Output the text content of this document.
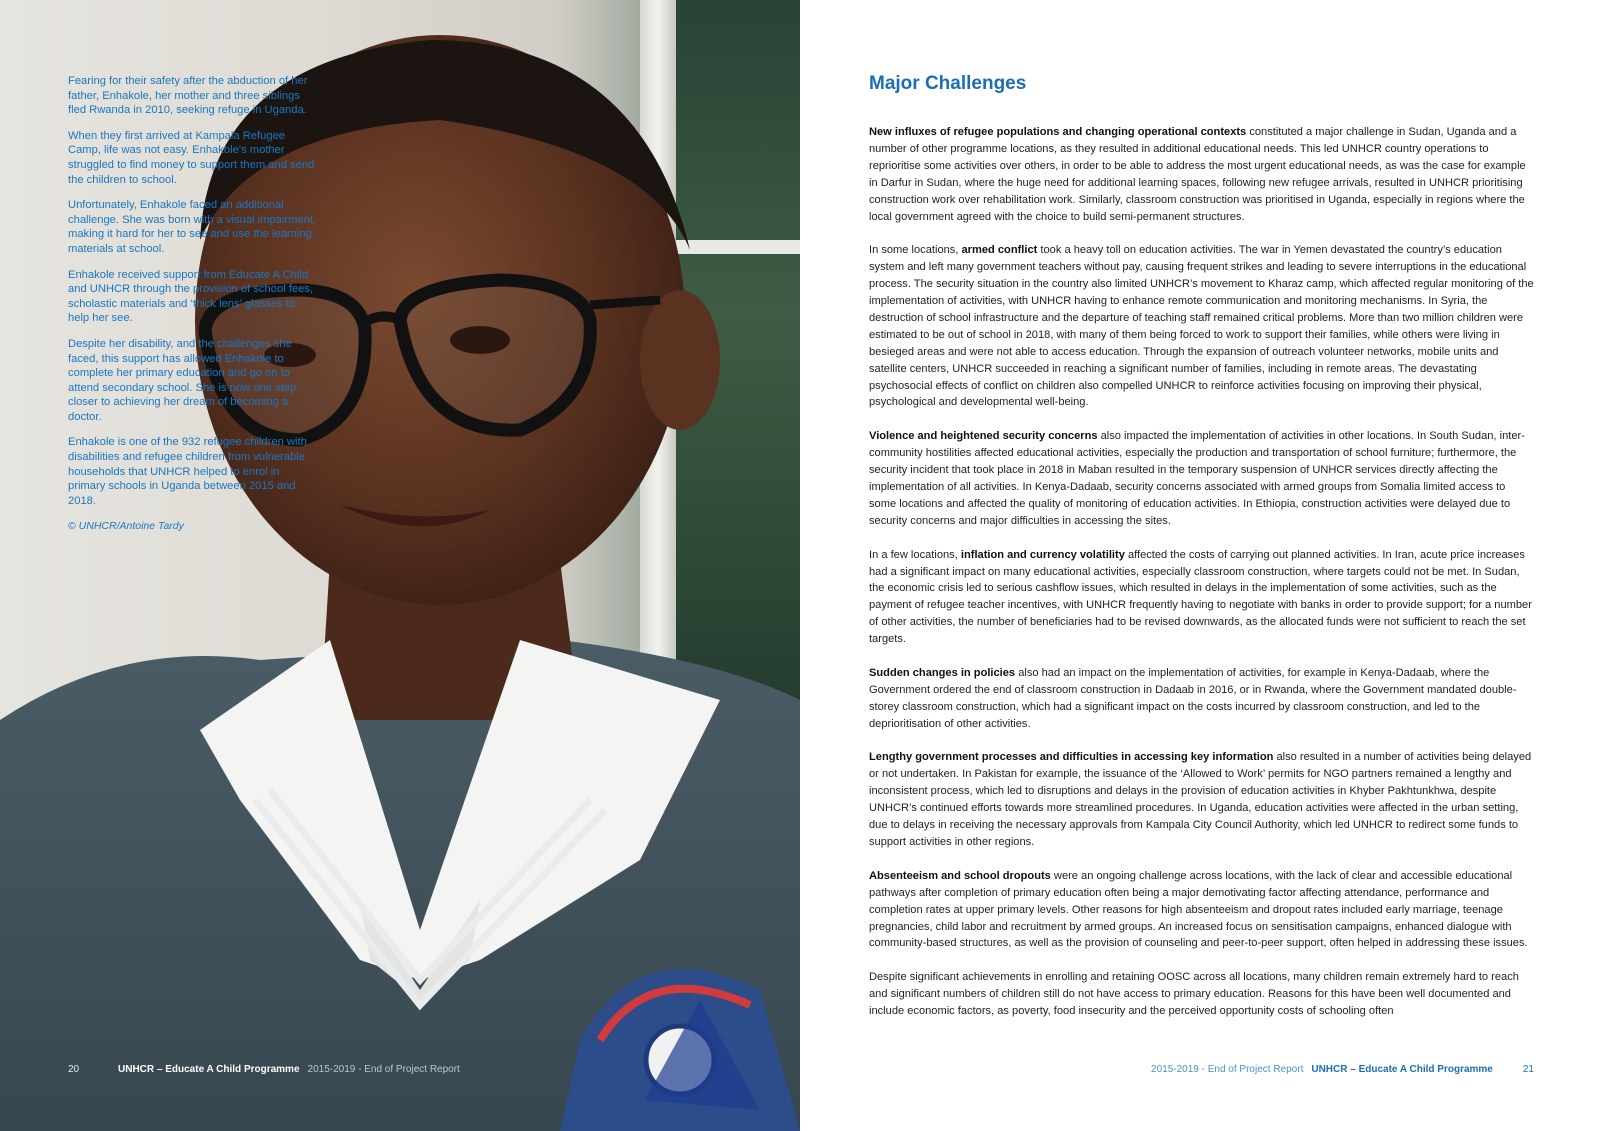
Fearing for their safety after the abduction of her father, Enhakole, her mother and three siblings fled Rwanda in 2010, seeking refuge in Uganda.

When they first arrived at Kampala Refugee Camp, life was not easy. Enhakole’s mother struggled to find money to support them and send the children to school.

Unfortunately, Enhakole faced an additional challenge. She was born with a visual impairment, making it hard for her to see and use the learning materials at school.

Enhakole received support from Educate A Child and UNHCR through the provision of school fees, scholastic materials and ‘thick lens’ glasses to help her see.

Despite her disability, and the challenges she faced, this support has allowed Enhakole to complete her primary education and go on to attend secondary school. She is now one step closer to achieving her dream of becoming a doctor.

Enhakole is one of the 932 refugee children with disabilities and refugee children from vulnerable households that UNHCR helped to enrol in primary schools in Uganda between 2015 and 2018.

© UNHCR/Antoine Tardy

20	UNHCR – Educate A Child Programme 2015-2019 - End of Project Report
Major Challenges

New influxes of refugee populations and changing operational contexts constituted a major challenge in Sudan, Uganda and a number of other programme locations, as they resulted in additional educational needs. This led UNHCR country operations to reprioritise some activities over others, in order to be able to address the most urgent educational needs, as was the case for example in Darfur in Sudan, where the huge need for additional learning spaces, following new refugee arrivals, resulted in UNHCR prioritising construction work over rehabilitation work. Similarly, classroom construction was prioritised in Uganda, especially in regions where the local government agreed with the choice to build semi-permanent structures.

In some locations, armed conflict took a heavy toll on education activities. The war in Yemen devastated the country’s education system and left many government teachers without pay, causing frequent strikes and leading to severe interruptions in the educational process. The security situation in the country also limited UNHCR’s movement to Kharaz camp, which affected regular monitoring of the implementation of activities, with UNHCR having to enhance remote communication and monitoring mechanisms. In Syria, the destruction of school infrastructure and the departure of teaching staff remained critical problems. More than two million children were estimated to be out of school in 2018, with many of them being forced to work to support their families, while others were living in besieged areas and were not able to access education. Through the expansion of outreach volunteer networks, mobile units and satellite centers, UNHCR succeeded in reaching a significant number of families, including in remote areas. The devastating psychosocial effects of conflict on children also compelled UNHCR to reinforce activities focusing on improving their physical, psychological and developmental well-being.

Violence and heightened security concerns also impacted the implementation of activities in other locations. In South Sudan, inter-community hostilities affected educational activities, especially the production and transportation of school furniture; furthermore, the security incident that took place in 2018 in Maban resulted in the temporary suspension of UNHCR services directly affecting the implementation of all activities. In Kenya-Dadaab, security concerns associated with armed groups from Somalia limited access to some locations and affected the quality of monitoring of education activities. In Ethiopia, construction activities were delayed due to security concerns and major difficulties in accessing the sites.

In a few locations, inflation and currency volatility affected the costs of carrying out planned activities. In Iran, acute price increases had a significant impact on many educational activities, especially classroom construction, where targets could not be met. In Sudan, the economic crisis led to serious cashflow issues, which resulted in delays in the implementation of some activities, such as the payment of refugee teacher incentives, with UNHCR frequently having to negotiate with banks in order to provide support; for a number of other activities, the number of beneficiaries had to be revised downwards, as the allocated funds were not sufficient to reach the set targets.

Sudden changes in policies also had an impact on the implementation of activities, for example in Kenya-Dadaab, where the Government ordered the end of classroom construction in Dadaab in 2016, or in Rwanda, where the Government mandated double-storey classroom construction, which had a significant impact on the costs incurred by classroom construction, and led to the deprioritisation of other activities.

Lengthy government processes and difficulties in accessing key information also resulted in a number of activities being delayed or not undertaken. In Pakistan for example, the issuance of the ‘Allowed to Work’ permits for NGO partners remained a lengthy and inconsistent process, which led to disruptions and delays in the provision of education activities in Khyber Pakhtunkhwa, despite UNHCR’s continued efforts towards more streamlined procedures. In Uganda, education activities were affected in the urban setting, due to delays in receiving the necessary approvals from Kampala City Council Authority, which led UNHCR to redirect some funds to support activities in other regions.

Absenteeism and school dropouts were an ongoing challenge across locations, with the lack of clear and accessible educational pathways after completion of primary education often being a major demotivating factor affecting attendance, performance and completion rates at upper primary levels. Other reasons for high absenteeism and dropout rates included early marriage, teenage pregnancies, child labor and recruitment by armed groups. An increased focus on sensitisation campaigns, enhanced dialogue with community-based structures, as well as the provision of counseling and peer-to-peer support, often helped in addressing these issues.

Despite significant achievements in enrolling and retaining OOSC across all locations, many children remain extremely hard to reach and significant numbers of children still do not have access to primary education. Reasons for this have been well documented and include economic factors, as poverty, food insecurity and the perceived opportunity costs of schooling often

2015-2019 - End of Project Report UNHCR – Educate A Child Programme	21
